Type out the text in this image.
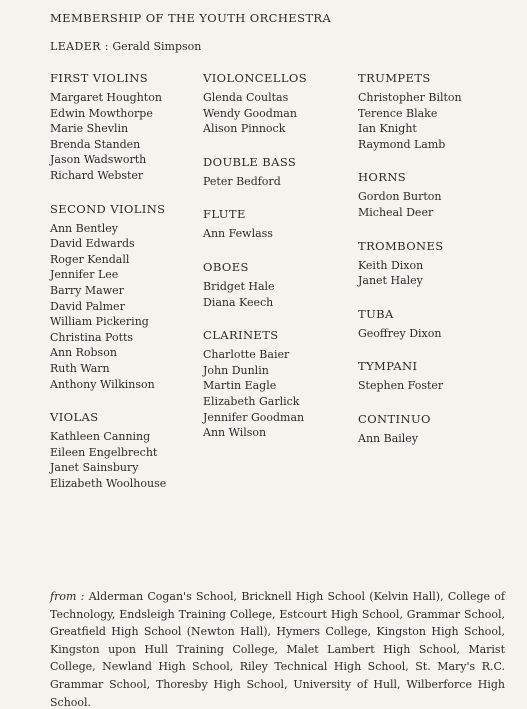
MEMBERSHIP OF THE YOUTH ORCHESTRA
LEADER : Gerald Simpson
FIRST VIOLINS
Margaret Houghton
Edwin Mowthorpe
Marie Shevlin
Brenda Standen
Jason Wadsworth
Richard Webster
SECOND VIOLINS
Ann Bentley
David Edwards
Roger Kendall
Jennifer Lee
Barry Mawer
David Palmer
William Pickering
Christina Potts
Ann Robson
Ruth Warn
Anthony Wilkinson
VIOLAS
Kathleen Canning
Eileen Engelbrecht
Janet Sainsbury
Elizabeth Woolhouse
VIOLONCELLOS
Glenda Coultas
Wendy Goodman
Alison Pinnock
DOUBLE BASS
Peter Bedford
FLUTE
Ann Fewlass
OBOES
Bridget Hale
Diana Keech
CLARINETS
Charlotte Baier
John Dunlin
Martin Eagle
Elizabeth Garlick
Jennifer Goodman
Ann Wilson
TRUMPETS
Christopher Bilton
Terence Blake
Ian Knight
Raymond Lamb
HORNS
Gordon Burton
Micheal Deer
TROMBONES
Keith Dixon
Janet Haley
TUBA
Geoffrey Dixon
TYMPANI
Stephen Foster
CONTINUO
Ann Bailey
from : Alderman Cogan's School, Bricknell High School (Kelvin Hall), College of Technology, Endsleigh Training College, Estcourt High School, Grammar School, Greatfield High School (Newton Hall), Hymers College, Kingston High School, Kingston upon Hull Training College, Malet Lambert High School, Marist College, Newland High School, Riley Technical High School, St. Mary's R.C. Grammar School, Thoresby High School, University of Hull, Wilberforce High School.
